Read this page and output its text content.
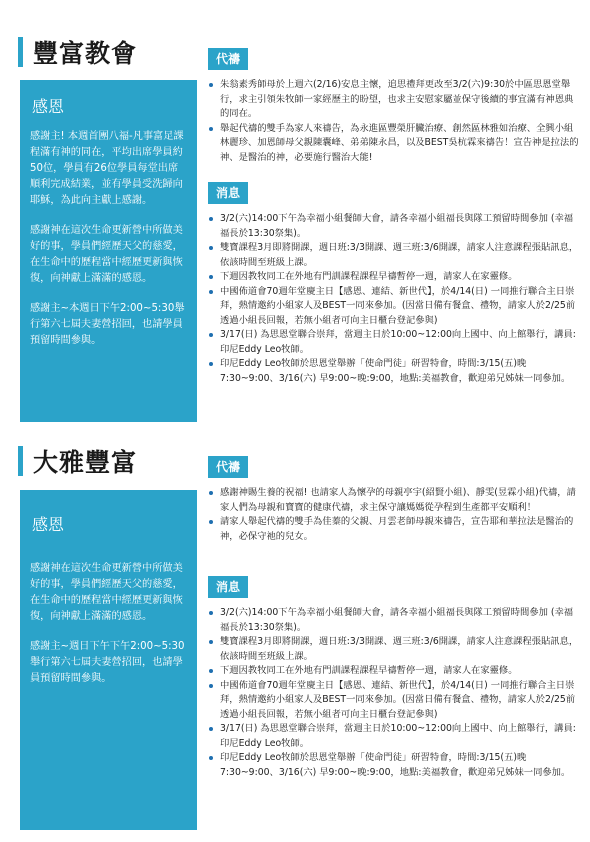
豐富教會
感恩

感謝主! 本週首團八福-凡事富足課程滿有神的同在，平均出席學員約50位，學員有26位學員每堂出席順利完成結業，並有學員受洗歸向耶穌，為此向主獻上感謝。

感謝神在這次生命更新營中所做美好的事，學員們經歷天父的慈愛，在生命中的歷程當中經歷更新與恢復，向神獻上滿滿的感恩。

感謝主~本週日下午2:00~5:30舉行第六七屆夫妻營招回，也請學員預留時間參與。

代禱
朱翁素秀師母於上週六(2/16)安息主懷，追思禮拜更改至3/2(六)9:30於中區思恩堂舉行，求主引領朱牧師一家經歷主的盼望，也求主安慰家屬並保守後續的事宜滿有神恩典的同在。
舉起代禱的雙手為家人來禱告，為永進區豐榮肝臟治療、創然區林雅如治療、全興小組林麗珍、加恩師母父親陳囊峰、弟弟陳永昌，以及BEST吳杭霖來禱告！宣告神是拉法的神、是醫治的神，必要施行醫治大能!
消息
3/2(六)14:00下午為幸福小組餐師大會，請各幸福小組福長與隊工預留時間參加 (幸福福長於13:30祭集)。
雙寶課程3月即將開課，週日班:3/3開課、週三班:3/6開課，請家人注意課程張貼訊息，依該時間至班級上課。
下週因教牧同工在外地有門訓課程課程早禱暫停一週，請家人在家靈修。
中國佈道會70週年堂慶主日【感恩、連結、新世代】，於4/14(日) 一同推行聯合主日崇拜，熱情邀約小組家人及BEST一同來參加。(因當日備有餐盒、禮物，請家人於2/25前透過小組長回報，若無小組者可向主日櫃台登記參與)
3/17(日) 為思恩堂聯合崇拜，當週主日於10:00~12:00向上國中、向上館舉行，講員:印尼Eddy Leo牧師。
印尼Eddy Leo牧師於思恩堂舉辦「使命門徒」研習特會，時間:3/15(五)晚7:30~9:00、3/16(六) 早9:00~晚:9:00，地點:美福教會，歡迎弟兄姊妹一同參加。
大雅豐富
感恩

感謝神在這次生命更新營中所做美好的事，學員們經歷天父的慈愛，在生命中的歷程當中經歷更新與恢復，向神獻上滿滿的感恩。

感謝主~週日下午下午2:00~5:30舉行第六七屆夫妻營招回，也請學員預留時間參與。

代禱
感謝神賜生養的祝福! 也請家人為懷孕的母親亭宇(紹賢小組)、靜雯(昱霖小組)代禱，請家人們為母親和寶寶的健康代禱，求主保守讓媽媽從孕程到生產都平安順利！
請家人舉起代禱的雙手為佳蓁的父親、月雲老師母親來禱告，宣告耶和華拉法是醫治的神，必保守祂的兒女。
消息
3/2(六)14:00下午為幸福小組餐師大會，請各幸福小組福長與隊工預留時間參加 (幸福福長於13:30祭集)。
雙寶課程3月即將開課，週日班:3/3開課、週三班:3/6開課，請家人注意課程張貼訊息，依該時間至班級上課。
下週因教牧同工在外地有門訓課程課程早禱暫停一週，請家人在家靈修。
中國佈道會70週年堂慶主日【感恩、連結、新世代】，於4/14(日) 一同推行聯合主日崇拜，熱情邀約小組家人及BEST一同來參加。(因當日備有餐盒、禮物，請家人於2/25前透過小組長回報，若無小組者可向主日櫃台登記參與)
3/17(日) 為思恩堂聯合崇拜，當週主日於10:00~12:00向上國中、向上館舉行，講員:印尼Eddy Leo牧師。
印尼Eddy Leo牧師於思恩堂舉辦「使命門徒」研習特會，時間:3/15(五)晚7:30~9:00、3/16(六) 早9:00~晚:9:00，地點:美福教會，歡迎弟兄姊妹一同參加。
